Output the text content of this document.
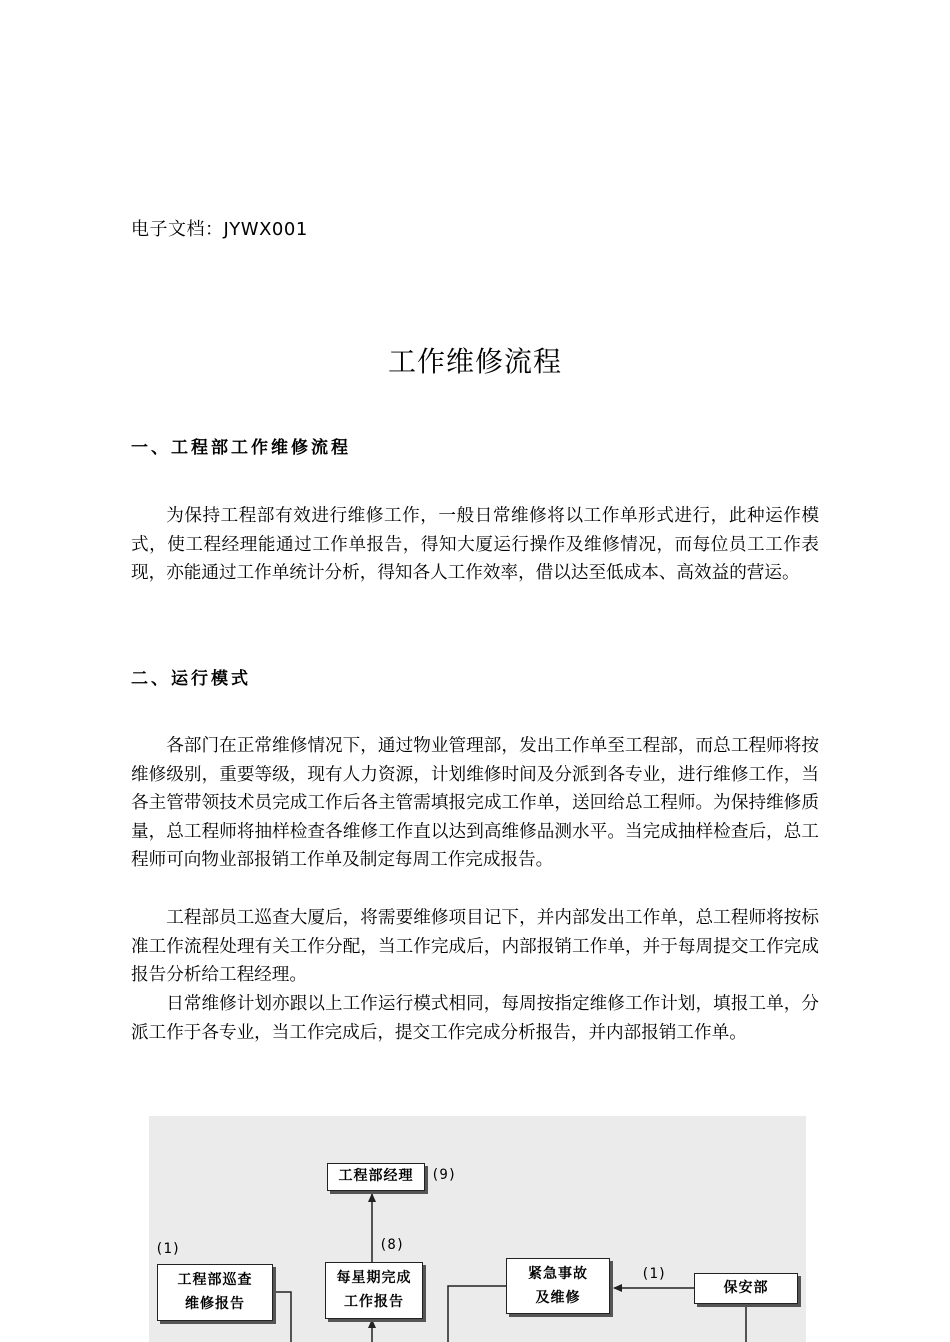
电子文档：JYWX001
工作维修流程
一、工程部工作维修流程

为保持工程部有效进行维修工作，一般日常维修将以工作单形式进行，此种运作模式，使工程经理能通过工作单报告，得知大厦运行操作及维修情况，而每位员工工作表现，亦能通过工作单统计分析，得知各人工作效率，借以达至低成本、高效益的营运。

二、运行模式

各部门在正常维修情况下，通过物业管理部，发出工作单至工程部，而总工程师将按维修级别，重要等级，现有人力资源，计划维修时间及分派到各专业，进行维修工作，当各主管带领技术员完成工作后各主管需填报完成工作单，送回给总工程师。为保持维修质量，总工程师将抽样检查各维修工作直以达到高维修品测水平。当完成抽样检查后，总工程师可向物业部报销工作单及制定每周工作完成报告。

工程部员工巡查大厦后，将需要维修项目记下，并内部发出工作单，总工程师将按标准工作流程处理有关工作分配，当工作完成后，内部报销工作单，并于每周提交工作完成报告分析给工程经理。

日常维修计划亦跟以上工作运行模式相同，每周按指定维修工作计划，填报工单，分派工作于各专业，当工作完成后，提交工作完成分析报告，并内部报销工作单。

工程部经理	(9)
(1)
工程部巡查
维修报告
(8)
每星期完成
工作报告
紧急事故
及维修
(1)
保安部
